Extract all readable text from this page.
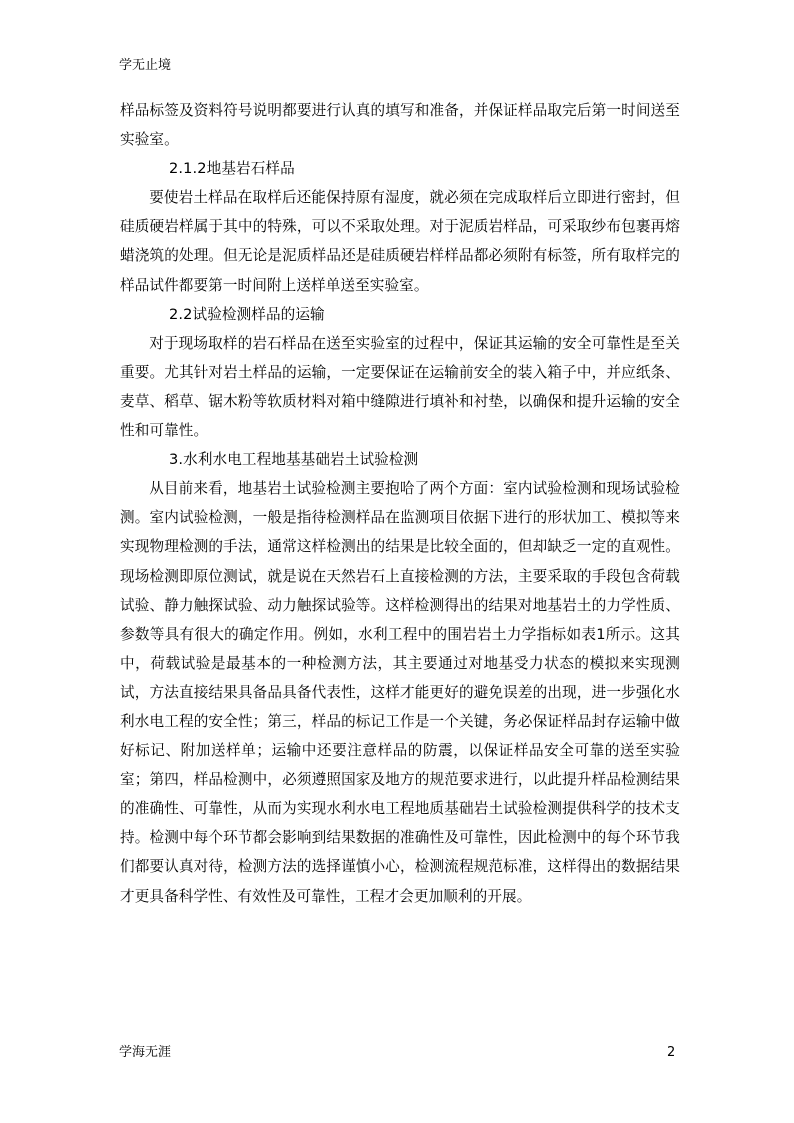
学无止境

样品标签及资料符号说明都要进行认真的填写和准备，并保证样品取完后第一时间送至实验室。

2.1.2地基岩石样品

要使岩土样品在取样后还能保持原有湿度，就必须在完成取样后立即进行密封，但硅质硬岩样属于其中的特殊，可以不采取处理。对于泥质岩样品，可采取纱布包裹再熔蜡浇筑的处理。但无论是泥质样品还是硅质硬岩样样品都必须附有标签，所有取样完的样品试件都要第一时间附上送样单送至实验室。

2.2试验检测样品的运输

对于现场取样的岩石样品在送至实验室的过程中，保证其运输的安全可靠性是至关重要。尤其针对岩土样品的运输，一定要保证在运输前安全的装入箱子中，并应纸条、麦草、稻草、锯木粉等软质材料对箱中缝隙进行填补和衬垫，以确保和提升运输的安全性和可靠性。

3.水利水电工程地基基础岩土试验检测

从目前来看，地基岩土试验检测主要抱哈了两个方面：室内试验检测和现场试验检测。室内试验检测，一般是指待检测样品在监测项目依据下进行的形状加工、模拟等来实现物理检测的手法，通常这样检测出的结果是比较全面的，但却缺乏一定的直观性。现场检测即原位测试，就是说在天然岩石上直接检测的方法，主要采取的手段包含荷载试验、静力触探试验、动力触探试验等。这样检测得出的结果对地基岩土的力学性质、参数等具有很大的确定作用。例如，水利工程中的围岩岩土力学指标如表1所示。这其中，荷载试验是最基本的一种检测方法，其主要通过对地基受力状态的模拟来实现测试，方法直接结果具备品具备代表性，这样才能更好的避免误差的出现，进一步强化水利水电工程的安全性；第三，样品的标记工作是一个关键，务必保证样品封存运输中做好标记、附加送样单；运输中还要注意样品的防震，以保证样品安全可靠的送至实验室；第四，样品检测中，必须遵照国家及地方的规范要求进行，以此提升样品检测结果的准确性、可靠性，从而为实现水利水电工程地质基础岩土试验检测提供科学的技术支持。检测中每个环节都会影响到结果数据的准确性及可靠性，因此检测中的每个环节我们都要认真对待，检测方法的选择谨慎小心，检测流程规范标准，这样得出的数据结果才更具备科学性、有效性及可靠性，工程才会更加顺利的开展。

学海无涯	2
